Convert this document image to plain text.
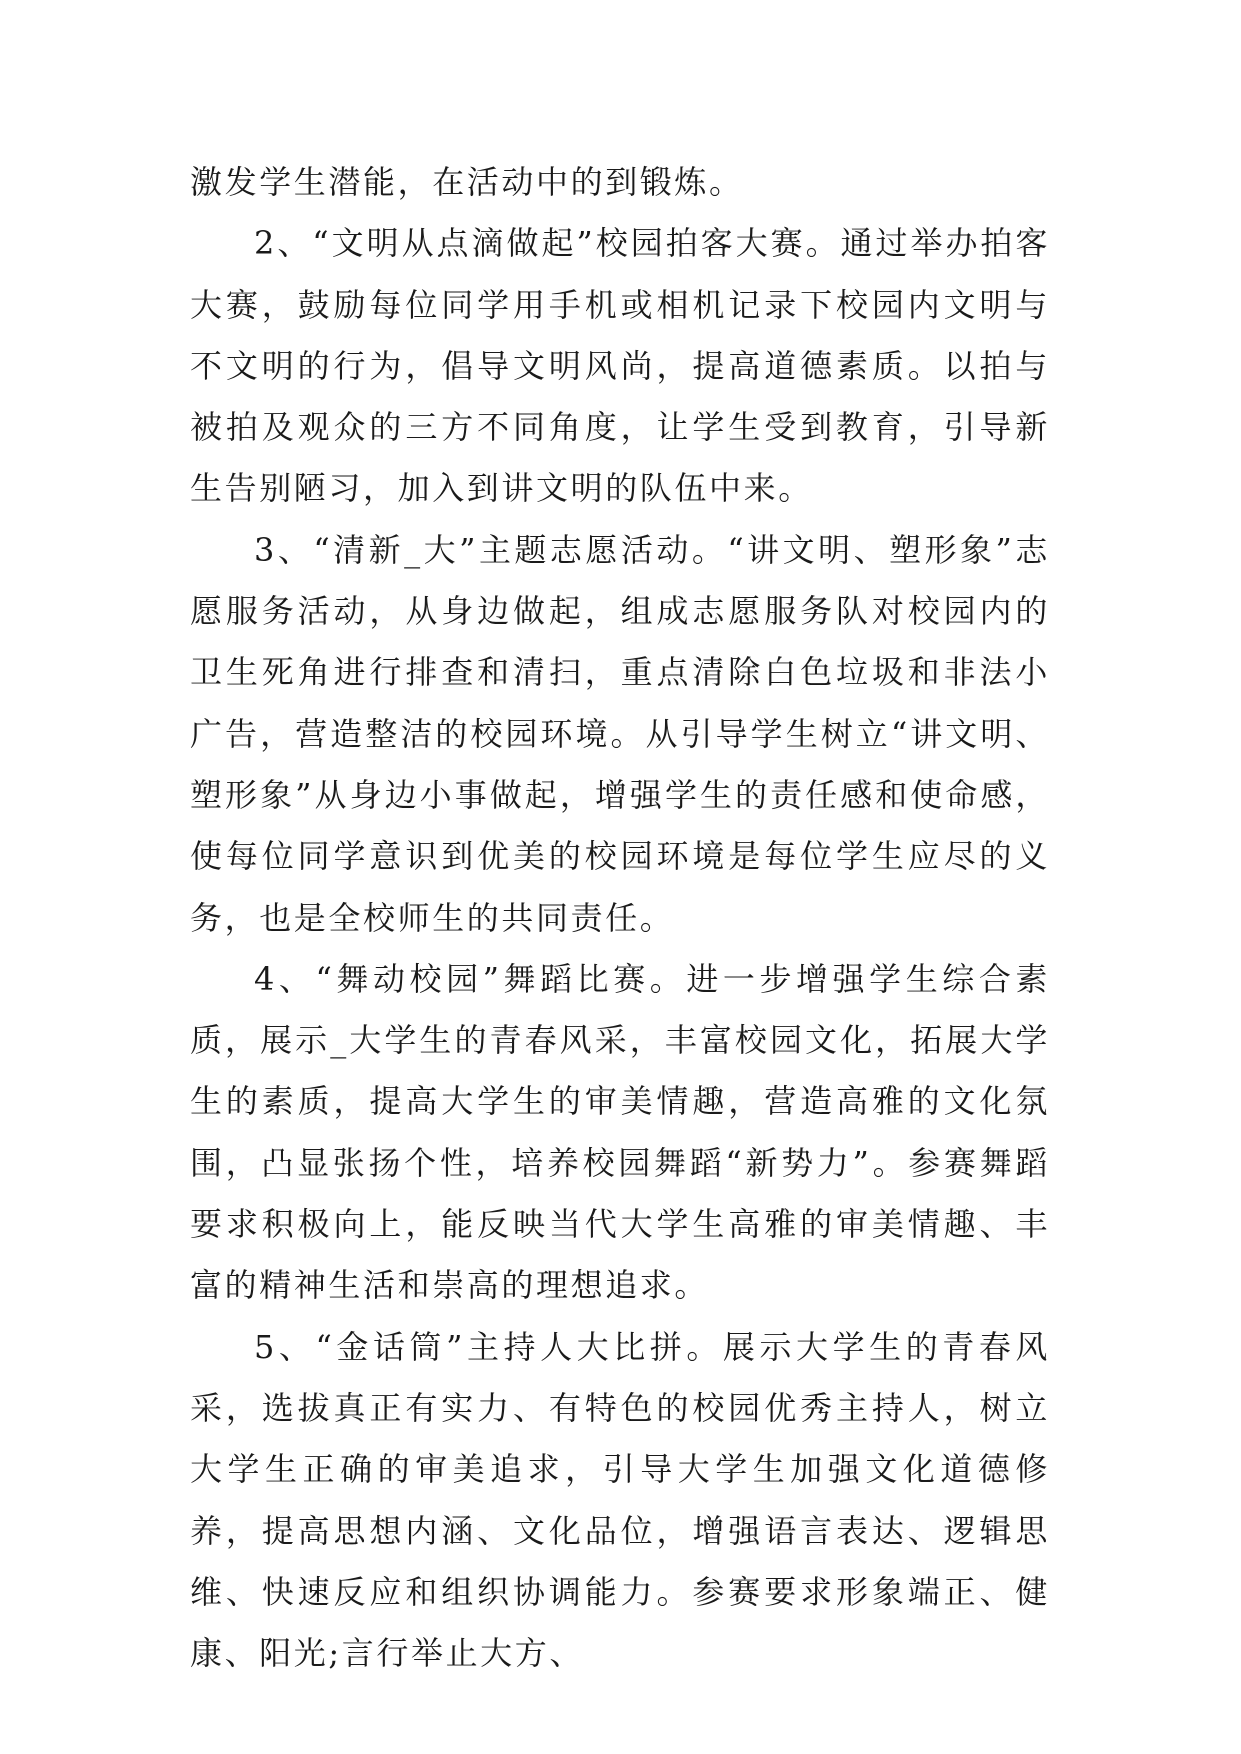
激发学生潜能，在活动中的到锻炼。

2、“文明从点滴做起”校园拍客大赛。通过举办拍客大赛，鼓励每位同学用手机或相机记录下校园内文明与不文明的行为，倡导文明风尚，提高道德素质。以拍与被拍及观众的三方不同角度，让学生受到教育，引导新生告别陋习，加入到讲文明的队伍中来。

3、“清新_大”主题志愿活动。“讲文明、塑形象”志愿服务活动，从身边做起，组成志愿服务队对校园内的卫生死角进行排查和清扫，重点清除白色垃圾和非法小广告，营造整洁的校园环境。从引导学生树立“讲文明、塑形象”从身边小事做起，增强学生的责任感和使命感，使每位同学意识到优美的校园环境是每位学生应尽的义务，也是全校师生的共同责任。

4、“舞动校园”舞蹈比赛。进一步增强学生综合素质，展示_大学生的青春风采，丰富校园文化，拓展大学生的素质，提高大学生的审美情趣，营造高雅的文化氛围，凸显张扬个性，培养校园舞蹈“新势力”。参赛舞蹈要求积极向上，能反映当代大学生高雅的审美情趣、丰富的精神生活和崇高的理想追求。

5、“金话筒”主持人大比拼。展示大学生的青春风采，选拔真正有实力、有特色的校园优秀主持人，树立大学生正确的审美追求，引导大学生加强文化道德修养，提高思想内涵、文化品位，增强语言表达、逻辑思维、快速反应和组织协调能力。参赛要求形象端正、健康、阳光;言行举止大方、
